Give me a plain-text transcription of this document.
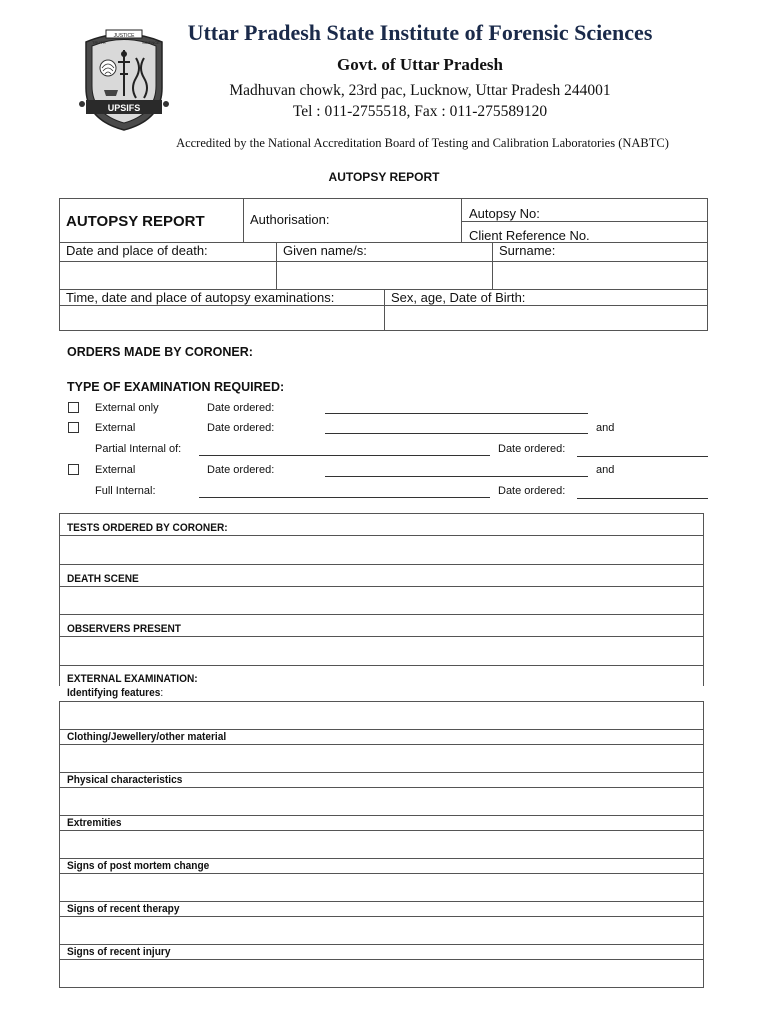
JUSTICE
TRUTH	SCIENCE
UPSIFS
Uttar Pradesh State Institute of Forensic Sciences
Govt. of Uttar Pradesh
Madhuvan chowk, 23rd pac, Lucknow, Uttar Pradesh 244001
Tel : 011-2755518, Fax : 011-275589120
Accredited by the National Accreditation Board of Testing and Calibration Laboratories (NABTC)
AUTOPSY REPORT
AUTOPSY REPORT	Authorisation:	Autopsy No:
Client Reference No.
Date and place of death:	Given name/s:	Surname:
Time, date and place of autopsy examinations:	Sex, age, Date of Birth:
ORDERS MADE BY CORONER:
TYPE OF EXAMINATION REQUIRED:
External only	Date ordered:
External	Date ordered:	and
Partial Internal of:	Date ordered:
External	Date ordered:	and
Full Internal:	Date ordered:
TESTS ORDERED BY CORONER:
DEATH SCENE
OBSERVERS PRESENT
EXTERNAL EXAMINATION:
Identifying features:
Clothing/Jewellery/other material
Physical characteristics
Extremities
Signs of post mortem change
Signs of recent therapy
Signs of recent injury
